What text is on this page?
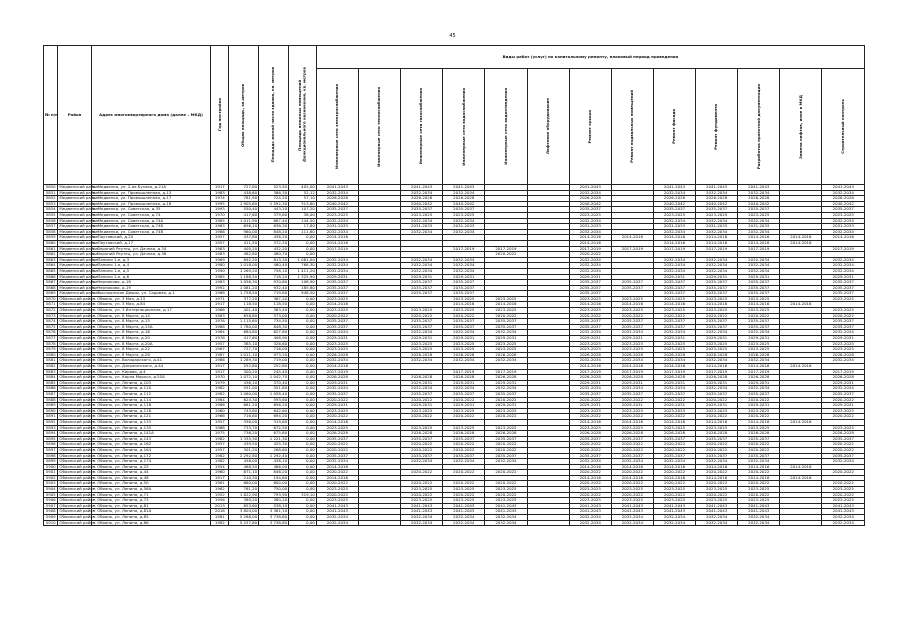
45
№ п/п	Район	Адрес многоквартирного дома (далее – МКД)	Год постройки	Общая площадь, кв.метров	Площадь жилой части здания, кв. метров	Площадь нежилых помещений функционального назначения, кв. метров	Виды работ (услуг) по капитальному ремонту, плановый период проведения												

							Инженерные сети электроснабжения	Инженерные сети теплоснабжения	Инженерные сети газоснабжения	Инженерные сети водоснабжения	Инженерные сети водоотведения	Лифтовое оборудование	Ремонт крыши	Ремонт подвальных помещений	Ремонт фасада	Ремонт фундамента	Разработка проектной документации	Замена лифтов, иное в МКД	Строительный контроль

5850	Медвенский район	п. Медвенка, ул. 2-ая Бузная, д.21А	1917	727,80	523,50	405,00	2041-2043		2041-2043	2041-2043			2041-2043		2041-2043	2041-2043	2041-2043		2041-2043
5851	Медвенский район	п. Медвенка, ул. Промышленная, д.13	1983	438,60	386,30	52,12	2032-2034		2032-2034	2032-2034			2032-2034		2032-2034	2032-2034	2032-2034		2032-2034
5852	Медвенский район	п. Медвенка, ул. Промышленная, д.17	1974	781,90	724,20	57,10	2026-2028		2026-2028	2026-2028			2026-2028		2026-2028	2026-2028	2026-2028		2026-2028
5853	Медвенский район	п. Медвенка, ул. Промышленная, д.18	1995	1 905,60	1 592,30	313,60	2040-2042		2040-2042	2040-2042			2040-2042		2040-2042	2040-2042	2040-2042		2040-2042
5854	Медвенский район	п. Медвенка, ул. Советская, д.35	1993	550,40	443,20	107,20	2035-2037		2035-2037	2035-2037			2035-2037		2035-2037	2035-2037	2035-2037		2035-2037
5855	Медвенский район	п. Медвенка, ул. Советская, д.74	1970	417,60	379,60	38,00	2023-2025		2023-2025	2023-2025			2023-2025		2023-2025	2023-2025	2023-2025		2023-2025
5856	Медвенский район	п. Медвенка, ул. Советская, д.74А	1985	1 011,90	867,40	144,50	2032-2034		2032-2034	2032-2034			2032-2034		2032-2034	2032-2034	2032-2034		2032-2034
5857	Медвенский район	п. Медвенка, ул. Советская, д.74Б	1983	656,10	638,30	17,80	2031-2033		2031-2033	2031-2033			2031-2033		2031-2033	2031-2033	2031-2033		2031-2033
5858	Медвенский район	п. Медвенка, ул. Советская, д.74В	1986	960,00	848,20	111,80	2032-2034		2032-2034	2032-2034			2032-2034		2032-2034	2032-2034	2032-2034		2032-2034
5859	Медвенский район	п. Паутовский, д.20	1957	437,80	436,20	0,00	2014-2016						2014-2016	2014-2016	2014-2016	2014-2016	2014-2016	2014-2016	2014-2016
5860	Медвенский район	п. Паутовский, д.17	1957	411,50	372,20	0,00	2014-2016						2014-2016		2014-2016	2014-2016	2014-2016	2014-2016	
5861	Медвенский район	с. Верхний Реутец, ул. Дачная, д.34	1983	405,20	432,20	0,00	2017-2019			2017-2019	2017-2019		2017-2019	2017-2019	2017-2019	2017-2019	2017-2019		2017-2019
5862	Медвенский район	с. Верхний Реутец, ул. Дачная, д.38	1983	482,80	480,70	0,00					2020-2022		2020-2022						
5863	Медвенский район	х. Панино 1-е, д.3	1969	892,20	813,30	1 081,00	2032-2034		2032-2034	2032-2034			2032-2034		2032-2034	2032-2034	2032-2034		2032-2034
5864	Медвенский район	х. Панино 1-е, д.4	1980	1 018,00	480,40	768,30	2032-2034		2032-2034	2032-2034			2032-2034		2032-2034	2032-2034	2032-2034		2032-2034
5865	Медвенский район	х. Панино 1-е, д.5	1990	1 269,20	758,10	1 411,20	2032-2034		2032-2034	2032-2034			2032-2034		2032-2034	2032-2034	2032-2034		2032-2034
5866	Медвенский район	х. Панино 1-е, д.6	1985	1 188,50	718,20	1 325,90	2029-2031		2029-2031	2029-2031			2029-2031		2029-2031	2029-2031	2029-2031		2029-2031
5867	Медвенский район	х. Черниково, д.18	1983	1 056,30	970,80	108,90	2035-2037		2035-2037	2035-2037			2035-2037	2035-2037	2035-2037	2035-2037	2035-2037		2035-2037
5868	Медвенский район	х. Черниково, д.19	1992	1 081,20	932,40	185,80	2035-2037		2035-2037	2035-2037			2035-2037	2035-2037	2035-2037	2035-2037	2035-2037		2035-2037
5869	Медвенский район	х. Высоконские Дворы, ул. Садовая, д.1	1988	1 758,50	719,80	948,50	2035-2037		2035-2037	2035-2037			2035-2037		2035-2037	2035-2037	2035-2037		2035-2037
5870	Обоянский район	г. Обоянь, ул. 3 Мая, д.13	1971	377,20	367,20	0,00	2023-2025			2023-2025	2023-2025		2023-2025	2023-2025	2023-2025	2023-2025	2023-2025		2023-2025
5871	Обоянский район	г. Обоянь, ул. 3 Мая, д.84	1917	118,50	118,50	0,00	2014-2016			2014-2016	2014-2016		2014-2016	2014-2016	2014-2016	2014-2016	2014-2016	2014-2016	
5872	Обоянский район	г. Обоянь, ул. 3 Интернационала, д.17	1966	401,40	383,40	0,00	2023-2025		2023-2025	2023-2025	2023-2025		2023-2025	2023-2025	2023-2025	2023-2025	2023-2025		2023-2025
5873	Обоянский район	г. Обоянь, ул. 8 Марта, д.14	1983	658,80	573,00	0,00	2020-2022		2020-2022	2020-2022	2020-2022		2020-2022	2020-2022	2020-2022	2020-2022	2020-2022		2020-2022
5874	Обоянский район	г. Обоянь, ул. 8 Марта, д.15	1976	1 115,60	734,50	0,00	2035-2037		2035-2037	2035-2037	2035-2037		2035-2037	2035-2037	2035-2037	2035-2037	2035-2037		2035-2037
5875	Обоянский район	г. Обоянь, ул. 8 Марта, д.15А	1988	1 780,00	848,30	0,00	2035-2037		2035-2037	2035-2037	2035-2037		2035-2037	2035-2037	2035-2037	2035-2037	2035-2037		2035-2037
5876	Обоянский район	г. Обоянь, ул. 8 Марта, д.16	1984	684,80	627,80	0,00	2032-2034		2032-2034	2032-2034	2032-2034		2032-2034	2032-2034	2032-2034	2032-2034	2032-2034		2032-2034
5877	Обоянский район	г. Обоянь, ул. 8 Марта, д.20	1976	417,60	406,90	0,00	2029-2031		2029-2031	2029-2031	2029-2031		2029-2031	2029-2031	2029-2031	2029-2031	2029-2031		2029-2031
5878	Обоянский район	г. Обоянь, ул. 8 Марта, д.20А	1957	385,10	326,60	0,00	2023-2025		2023-2025	2023-2025	2023-2025		2023-2025	2023-2025	2023-2025	2023-2025	2023-2025		2023-2025
5879	Обоянский район	г. Обоянь, ул. 8 Марта, д.22	1967	727,70	716,00	0,00	2023-2025		2023-2025	2023-2025	2023-2025		2023-2025	2023-2025	2023-2025	2023-2025	2023-2025		2023-2025
5880	Обоянский район	г. Обоянь, ул. 8 Марта, д.26	1987	1 011,10	973,20	0,00	2026-2028		2026-2028	2026-2028	2026-2028		2026-2028	2026-2028	2026-2028	2026-2028	2026-2028		2026-2028
5881	Обоянский район	г. Обоянь, ул. Володарского, д.41	1986	1 289,30	719,00	0,00	2032-2034		2032-2034	2032-2034	2032-2034		2032-2034	2032-2034	2032-2034	2032-2034	2032-2034		2032-2034
5882	Обоянский район	г. Обоянь, ул. Дзержинского, д.44	1917	252,80	252,80	0,00	2014-2016						2014-2016	2014-2016	2014-2016	2014-2016	2014-2016	2014-2016	
5883	Обоянский район	г. Обоянь, ул. Кирова, д.4	1917	300,20	245,40	0,00	2017-2019			2017-2019	2017-2019		2017-2019	2017-2019	2017-2019	2017-2019	2017-2019		2017-2019
5884	Обоянский район	г. Обоянь, ул. Карла Маркса, д.55А	1970	1 072,10	1 042,70	0,00	2026-2028		2026-2028	2026-2028	2026-2028		2026-2028	2026-2028	2026-2028	2026-2028	2026-2028		2026-2028
5885	Обоянский район	г. Обоянь, ул. Ленина, д.103	1979	436,10	370,40	0,00	2029-2031		2029-2031	2029-2031	2029-2031		2029-2031	2029-2031	2029-2031	2029-2031	2029-2031		2029-2031
5886	Обоянский район	г. Обоянь, ул. Ленина, д.110	1982	551,00	551,80	0,00	2032-2034		2032-2034	2032-2034	2032-2034		2032-2034	2032-2034	2032-2034	2032-2034	2032-2034		2032-2034
5887	Обоянский район	г. Обоянь, ул. Ленина, д.112	1982	1 060,00	1 058,40	0,00	2035-2037		2035-2037	2035-2037	2035-2037		2035-2037	2035-2037	2035-2037	2035-2037	2035-2037		2035-2037
5888	Обоянский район	г. Обоянь, ул. Ленина, д.114	1984	624,30	593,60	0,00	2020-2022		2020-2022	2020-2022	2020-2022		2020-2022	2020-2022	2020-2022	2020-2022	2020-2022		2020-2022
5889	Обоянский район	г. Обоянь, ул. Ленина, д.116	1986	681,20	656,20	0,00	2029-2031		2029-2031	2029-2031	2029-2031		2029-2031	2029-2031	2029-2031	2029-2031	2029-2031		2029-2031
5890	Обоянский район	г. Обоянь, ул. Ленина, д.118	1960	743,80	642,60	0,00	2023-2025		2023-2025	2023-2025	2023-2025		2023-2025	2023-2025	2023-2025	2023-2025	2023-2025		2023-2025
5891	Обоянский район	г. Обоянь, ул. Ленина, д.121	1966	716,60	694,20	0,00	2020-2022		2020-2022	2020-2022	2020-2022		2020-2022	2020-2022	2020-2022	2020-2022	2020-2022		2020-2022
5892	Обоянский район	г. Обоянь, ул. Ленина, д.133	1957	356,00	319,60	0,00	2014-2016						2014-2016	2014-2016	2014-2016	2014-2016	2014-2016	2014-2016	
5893	Обоянский район	г. Обоянь, ул. Ленина, д.135	1968	733,70	672,50	0,00	2023-2025		2023-2025	2023-2025	2023-2025		2023-2025	2023-2025	2023-2025	2023-2025	2023-2025		2023-2025
5894	Обоянский район	г. Обоянь, ул. Ленина, д.141А	1975	736,20	675,80	0,00	2026-2028		2026-2028	2026-2028	2026-2028		2026-2028	2026-2028	2026-2028	2026-2028	2026-2028		2026-2028
5895	Обоянский район	г. Обоянь, ул. Ленина, д.143	1982	1 335,30	1 221,30	0,00	2035-2037		2035-2037	2035-2037	2035-2037		2035-2037	2035-2037	2035-2037	2035-2037	2035-2037		2035-2037
5896	Обоянский район	г. Обоянь, ул. Ленина, д.162	1957	439,50	425,30	0,00	2020-2022		2020-2022	2020-2022	2020-2022		2020-2022	2020-2022	2020-2022	2020-2022	2020-2022		2020-2022
5897	Обоянский район	г. Обоянь, ул. Ленина, д.164	1957	301,20	268,60	0,00	2020-2022		2020-2022	2020-2022	2020-2022		2020-2022	2020-2022	2020-2022	2020-2022	2020-2022		2020-2022
5898	Обоянский район	г. Обоянь, ул. Ленина, д.172	1982	2 292,80	1 292,40	0,00	2035-2037		2035-2037	2035-2037	2035-2037		2035-2037	2035-2037	2035-2037	2035-2037	2035-2037		2035-2037
5899	Обоянский район	г. Обоянь, ул. Ленина, д.174	1982	456,00	436,10	0,00	2032-2034		2032-2034	2032-2034	2032-2034		2032-2034	2032-2034	2032-2034	2032-2034	2032-2034		2032-2034
5900	Обоянский район	г. Обоянь, ул. Ленина, д.25	1954	468,50	466,00	0,00	2014-2016						2014-2016	2014-2016	2014-2016	2014-2016	2014-2016	2014-2016	
5901	Обоянский район	г. Обоянь, ул. Ленина, д.44	1960	871,10	846,20	0,00	2020-2022		2020-2022	2020-2022	2020-2022		2020-2022	2020-2022	2020-2022	2020-2022	2020-2022		2020-2022
5902	Обоянский район	г. Обоянь, ул. Ленина, д.48	1917	210,30	194,60	0,00	2014-2016						2014-2016	2014-2016	2014-2016	2014-2016	2014-2016	2014-2016	
5903	Обоянский район	г. Обоянь, ул. Ленина, д.50	1961	660,00	600,00	0,00	2020-2022		2020-2022	2020-2022	2020-2022		2020-2022	2020-2022	2020-2022	2020-2022	2020-2022		2020-2022
5904	Обоянский район	г. Обоянь, ул. Ленина, д.56А	1962	761,20	750,00	0,00	2023-2025		2023-2025	2023-2025	2023-2025		2023-2025	2023-2025	2023-2025	2023-2025	2023-2025		2023-2025
5905	Обоянский район	г. Обоянь, ул. Ленина, д.71	1952	1 822,90	793,90	319,10	2020-2022		2020-2022	2020-2022	2020-2022		2020-2022	2020-2022	2020-2022	2020-2022	2020-2022		2020-2022
5906	Обоянский район	г. Обоянь, ул. Ленина, д.73	1956	389,20	380,20	0,00	2023-2025		2023-2025	2023-2025	2023-2025		2023-2025	2023-2025	2023-2025	2023-2025	2023-2025		2023-2025
5907	Обоянский район	г. Обоянь, ул. Ленина, д.81	2013	853,60	538,10	0,00	2041-2043		2041-2043	2041-2043	2041-2043		2041-2043	2041-2043	2041-2043	2041-2043	2041-2043		2041-2043
5908	Обоянский район	г. Обоянь, ул. Ленина, д.81А	2016	3 804,00	3 361,10	0,00	2041-2043		2041-2043	2041-2043	2041-2043		2041-2043	2041-2043	2041-2043	2041-2043	2041-2043		2041-2043
5909	Обоянский район	г. Обоянь, ул. Ленина, д.85	1981	5 288,00	3 738,60	0,00	2032-2034		2032-2034	2032-2034	2032-2034		2032-2034	2032-2034	2032-2034	2032-2034	2032-2034		2032-2034
5910	Обоянский район	г. Обоянь, ул. Ленина, д.86	1982	5 257,80	3 738,80	0,00	2032-2034		2032-2034	2032-2034	2032-2034		2032-2034	2032-2034	2032-2034	2032-2034	2032-2034		2032-2034
